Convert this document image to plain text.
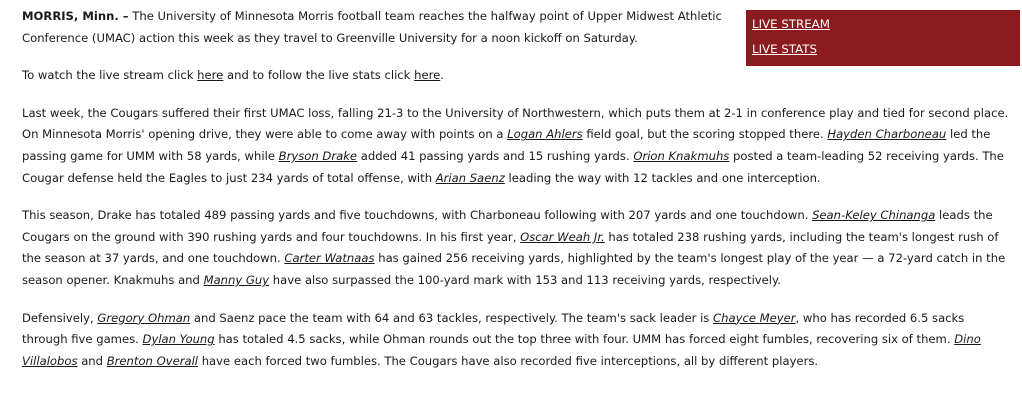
LIVE STREAM
LIVE STATS

MORRIS, Minn. – The University of Minnesota Morris football team reaches the halfway point of Upper Midwest Athletic Conference (UMAC) action this week as they travel to Greenville University for a noon kickoff on Saturday.

To watch the live stream click here and to follow the live stats click here.

Last week, the Cougars suffered their first UMAC loss, falling 21-3 to the University of Northwestern, which puts them at 2-1 in conference play and tied for second place. On Minnesota Morris' opening drive, they were able to come away with points on a Logan Ahlers field goal, but the scoring stopped there. Hayden Charboneau led the passing game for UMM with 58 yards, while Bryson Drake added 41 passing yards and 15 rushing yards. Orion Knakmuhs posted a team-leading 52 receiving yards. The Cougar defense held the Eagles to just 234 yards of total offense, with Arian Saenz leading the way with 12 tackles and one interception.

This season, Drake has totaled 489 passing yards and five touchdowns, with Charboneau following with 207 yards and one touchdown. Sean-Keley Chinanga leads the Cougars on the ground with 390 rushing yards and four touchdowns. In his first year, Oscar Weah Jr. has totaled 238 rushing yards, including the team's longest rush of the season at 37 yards, and one touchdown. Carter Watnaas has gained 256 receiving yards, highlighted by the team's longest play of the year — a 72-yard catch in the season opener. Knakmuhs and Manny Guy have also surpassed the 100-yard mark with 153 and 113 receiving yards, respectively.

Defensively, Gregory Ohman and Saenz pace the team with 64 and 63 tackles, respectively. The team's sack leader is Chayce Meyer, who has recorded 6.5 sacks through five games. Dylan Young has totaled 4.5 sacks, while Ohman rounds out the top three with four. UMM has forced eight fumbles, recovering six of them. Dino Villalobos and Brenton Overall have each forced two fumbles. The Cougars have also recorded five interceptions, all by different players.
